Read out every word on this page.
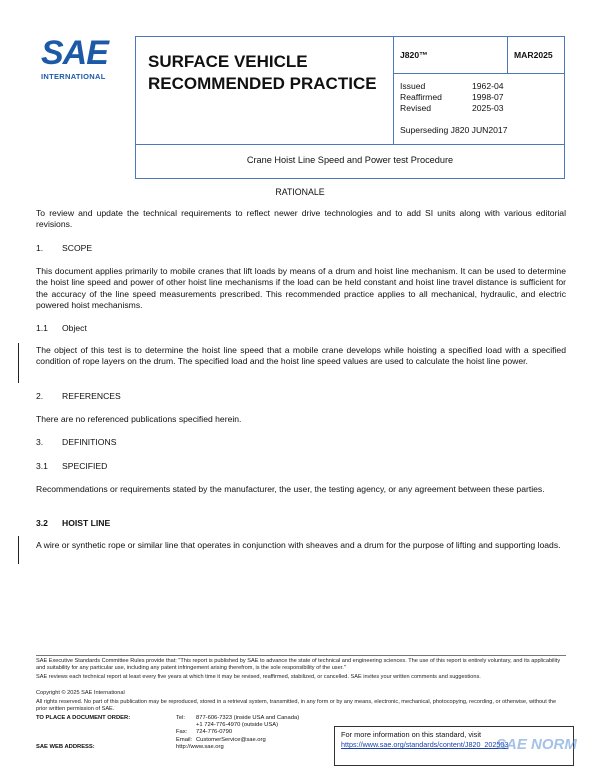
SAE
INTERNATIONAL
SURFACE VEHICLE
RECOMMENDED PRACTICE
J820™	MAR2025
Issued	1962-04
Reaffirmed	1998-07
Revised	2025-03
Superseding J820 JUN2017
Crane Hoist Line Speed and Power test Procedure
RATIONALE
To review and update the technical requirements to reflect newer drive technologies and to add SI units along with various editorial revisions.
1. SCOPE
This document applies primarily to mobile cranes that lift loads by means of a drum and hoist line mechanism. It can be used to determine the hoist line speed and power of other hoist line mechanisms if the load can be held constant and hoist line travel distance is sufficient for the accuracy of the line speed measurements prescribed. This recommended practice applies to all mechanical, hydraulic, and electric powered hoist mechanisms.
1.1 Object
The object of this test is to determine the hoist line speed that a mobile crane develops while hoisting a specified load with a specified condition of rope layers on the drum. The specified load and the hoist line speed values are used to calculate the hoist line power.
2. REFERENCES
There are no referenced publications specified herein.
3. DEFINITIONS
3.1 SPECIFIED
Recommendations or requirements stated by the manufacturer, the user, the testing agency, or any agreement between these parties.
3.2 HOIST LINE
A wire or synthetic rope or similar line that operates in conjunction with sheaves and a drum for the purpose of lifting and supporting loads.
SAE Executive Standards Committee Rules provide that: "This report is published by SAE to advance the state of technical and engineering sciences. The use of this report is entirely voluntary, and its applicability and suitability for any particular use, including any patent infringement arising therefrom, is the sole responsibility of the user."
SAE reviews each technical report at least every five years at which time it may be revised, reaffirmed, stabilized, or cancelled. SAE invites your written comments and suggestions.
Copyright © 2025 SAE International
All rights reserved. No part of this publication may be reproduced, stored in a retrieval system, transmitted, in any form or by any means, electronic, mechanical, photocopying, recording, or otherwise, without the prior written permission of SAE.
TO PLACE A DOCUMENT ORDER:	Tel:	877-606-7323 (inside USA and Canada)
		+1 724-776-4970 (outside USA)
	Fax:	724-776-0790
	Email:	CustomerService@sae.org
SAE WEB ADDRESS:	http://www.sae.org	
For more information on this standard, visit
https://www.sae.org/standards/content/J820_202503
SAE NORM
